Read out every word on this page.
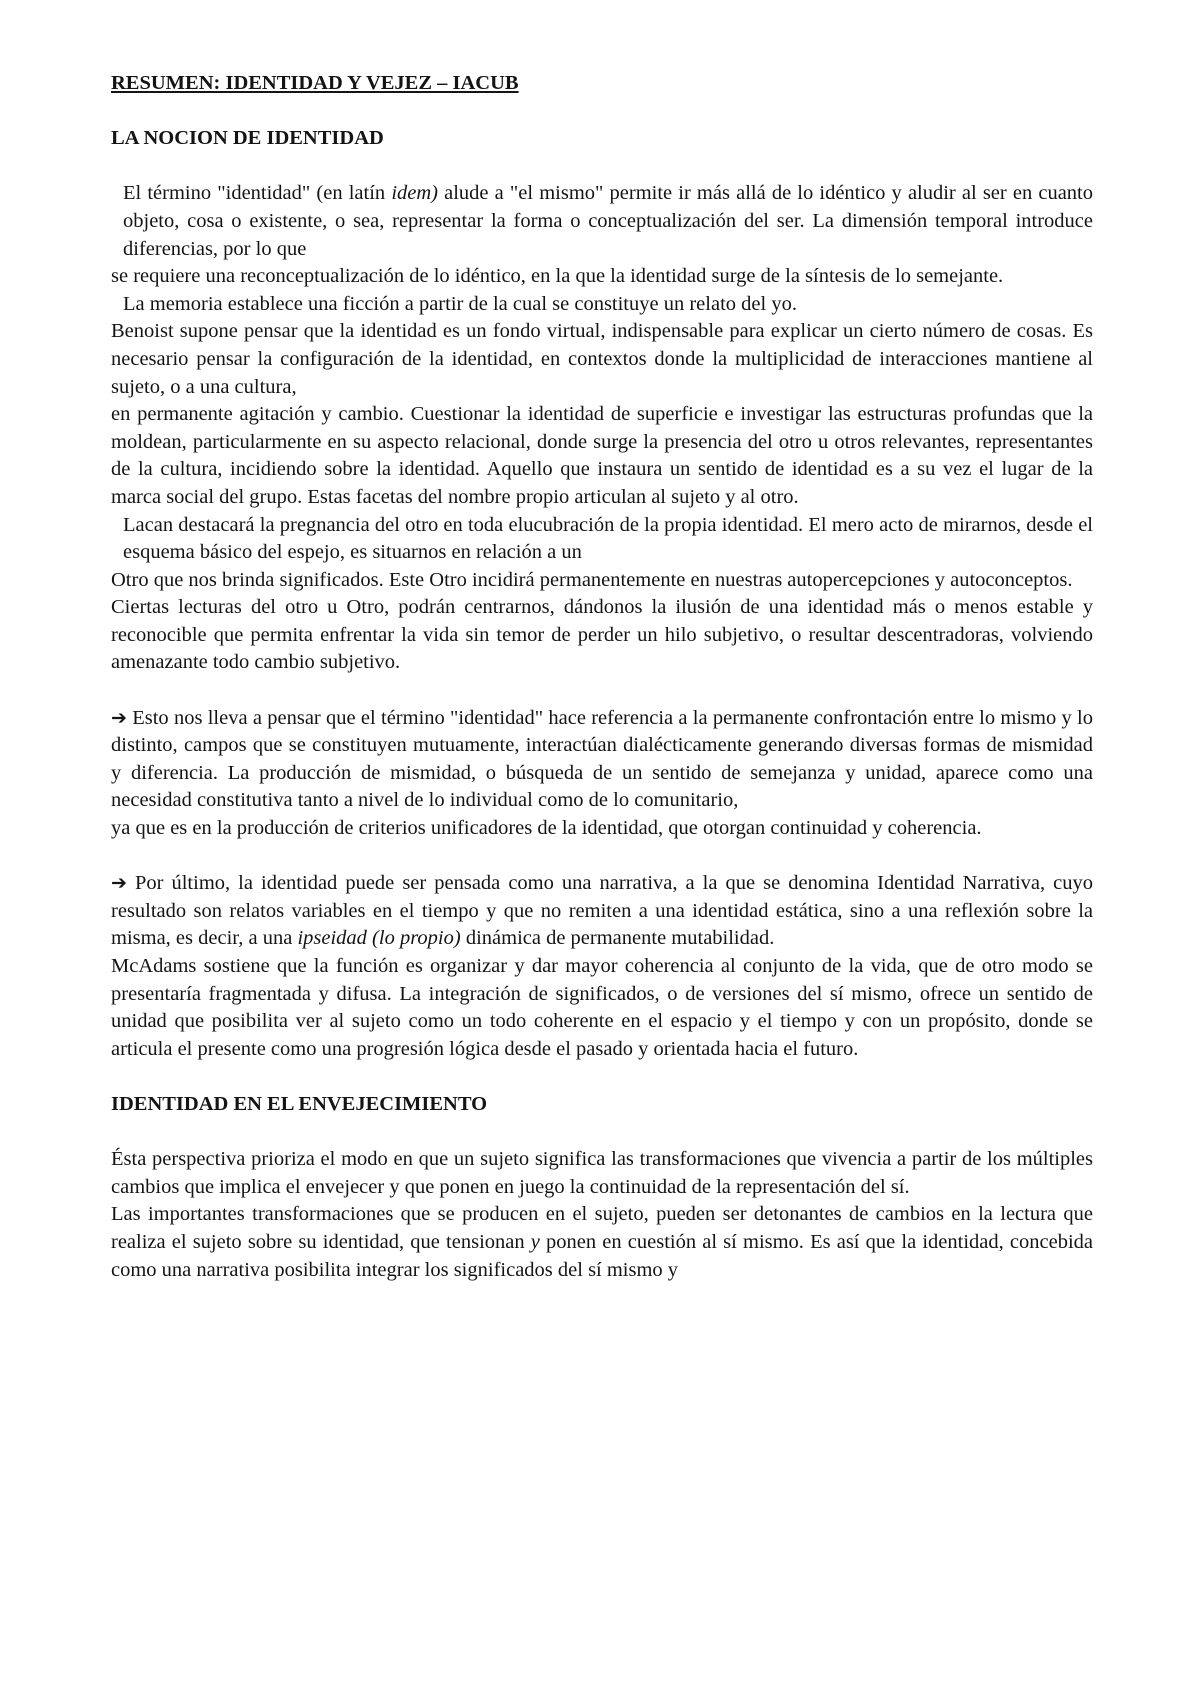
RESUMEN: IDENTIDAD Y VEJEZ – IACUB

LA NOCION DE IDENTIDAD

El término "identidad" (en latín idem) alude a "el mismo" permite ir más allá de lo idéntico y aludir al ser en cuanto objeto, cosa o existente, o sea, representar la forma o conceptualización del ser. La dimensión temporal introduce diferencias, por lo que

se requiere una reconceptualización de lo idéntico, en la que la identidad surge de la síntesis de lo semejante.

La memoria establece una ficción a partir de la cual se constituye un relato del yo.

Benoist supone pensar que la identidad es un fondo virtual, indispensable para explicar un cierto número de cosas. Es necesario pensar la configuración de la identidad, en contextos donde la multiplicidad de interacciones mantiene al sujeto, o a una cultura,

en permanente agitación y cambio. Cuestionar la identidad de superficie e investigar las estructuras profundas que la moldean, particularmente en su aspecto relacional, donde surge la presencia del otro u otros relevantes, representantes de la cultura, incidiendo sobre la identidad. Aquello que instaura un sentido de identidad es a su vez el lugar de la marca social del grupo. Estas facetas del nombre propio articulan al sujeto y al otro.

Lacan destacará la pregnancia del otro en toda elucubración de la propia identidad. El mero acto de mirarnos, desde el esquema básico del espejo, es situarnos en relación a un

Otro que nos brinda significados. Este Otro incidirá permanentemente en nuestras autopercepciones y autoconceptos.

Ciertas lecturas del otro u Otro, podrán centrarnos, dándonos la ilusión de una identidad más o menos estable y reconocible que permita enfrentar la vida sin temor de perder un hilo subjetivo, o resultar descentradoras, volviendo amenazante todo cambio subjetivo.

➔ Esto nos lleva a pensar que el término "identidad" hace referencia a la permanente confrontación entre lo mismo y lo distinto, campos que se constituyen mutuamente, interactúan dialécticamente generando diversas formas de mismidad y diferencia. La producción de mismidad, o búsqueda de un sentido de semejanza y unidad, aparece como una necesidad constitutiva tanto a nivel de lo individual como de lo comunitario,

ya que es en la producción de criterios unificadores de la identidad, que otorgan continuidad y coherencia.

➔ Por último, la identidad puede ser pensada como una narrativa, a la que se denomina Identidad Narrativa, cuyo resultado son relatos variables en el tiempo y que no remiten a una identidad estática, sino a una reflexión sobre la misma, es decir, a una ipseidad (lo propio) dinámica de permanente mutabilidad.

McAdams sostiene que la función es organizar y dar mayor coherencia al conjunto de la vida, que de otro modo se presentaría fragmentada y difusa. La integración de significados, o de versiones del sí mismo, ofrece un sentido de unidad que posibilita ver al sujeto como un todo coherente en el espacio y el tiempo y con un propósito, donde se articula el presente como una progresión lógica desde el pasado y orientada hacia el futuro.

IDENTIDAD EN EL ENVEJECIMIENTO

Ésta perspectiva prioriza el modo en que un sujeto significa las transformaciones que vivencia a partir de los múltiples cambios que implica el envejecer y que ponen en juego la continuidad de la representación del sí.

Las importantes transformaciones que se producen en el sujeto, pueden ser detonantes de cambios en la lectura que realiza el sujeto sobre su identidad, que tensionan y ponen en cuestión al sí mismo. Es así que la identidad, concebida como una narrativa posibilita integrar los significados del sí mismo y
